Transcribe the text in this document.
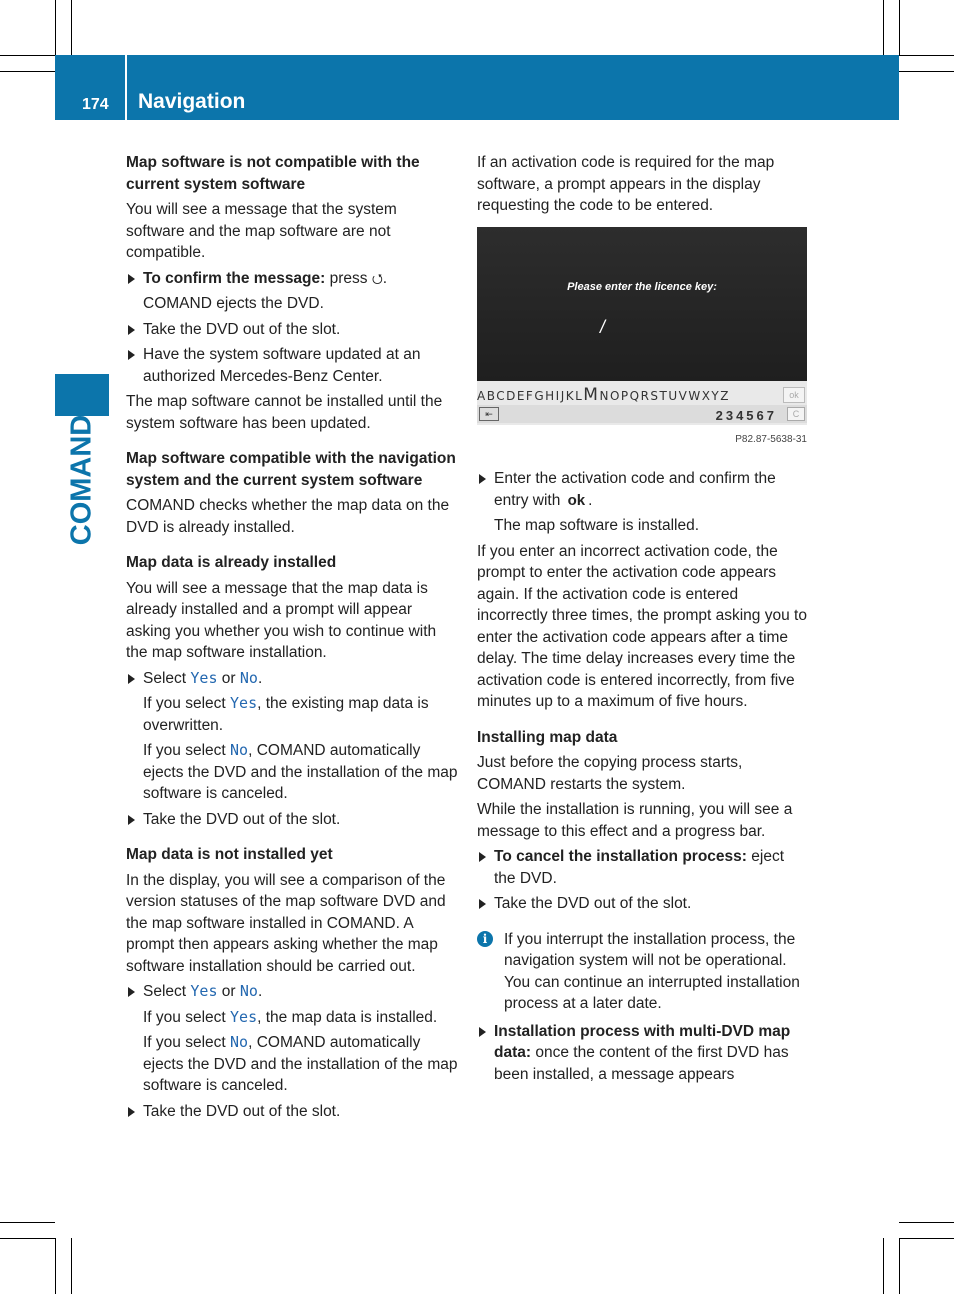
174 Navigation
COMAND
Map software is not compatible with the current system software
You will see a message that the system software and the map software are not compatible.
To confirm the message: press ⭯.
COMAND ejects the DVD.
Take the DVD out of the slot.
Have the system software updated at an authorized Mercedes-Benz Center.
The map software cannot be installed until the system software has been updated.
Map software compatible with the navigation system and the current system software
COMAND checks whether the map data on the DVD is already installed.
Map data is already installed
You will see a message that the map data is already installed and a prompt will appear asking you whether you wish to continue with the map software installation.
Select Yes or No.
If you select Yes, the existing map data is overwritten.
If you select No, COMAND automatically ejects the DVD and the installation of the map software is canceled.
Take the DVD out of the slot.
Map data is not installed yet
In the display, you will see a comparison of the version statuses of the map software DVD and the map software installed in COMAND. A prompt then appears asking whether the map software installation should be carried out.
Select Yes or No.
If you select Yes, the map data is installed.
If you select No, COMAND automatically ejects the DVD and the installation of the map software is canceled.
Take the DVD out of the slot.
If an activation code is required for the map software, a prompt appears in the display requesting the code to be entered.
Please enter the licence key:
/
ABCDEFGHIJKLMNOPQRSTUVWXYZ	ok
⇤	234567	C
P82.87-5638-31
Enter the activation code and confirm the entry with ok .
The map software is installed.
If you enter an incorrect activation code, the prompt to enter the activation code appears again. If the activation code is entered incorrectly three times, the prompt asking you to enter the activation code appears after a time delay. The time delay increases every time the activation code is entered incorrectly, from five minutes up to a maximum of five hours.
Installing map data
Just before the copying process starts, COMAND restarts the system.
While the installation is running, you will see a message to this effect and a progress bar.
To cancel the installation process: eject the DVD.
Take the DVD out of the slot.
i	If you interrupt the installation process, the navigation system will not be operational. You can continue an interrupted installation process at a later date.
Installation process with multi-DVD map data: once the content of the first DVD has been installed, a message appears
